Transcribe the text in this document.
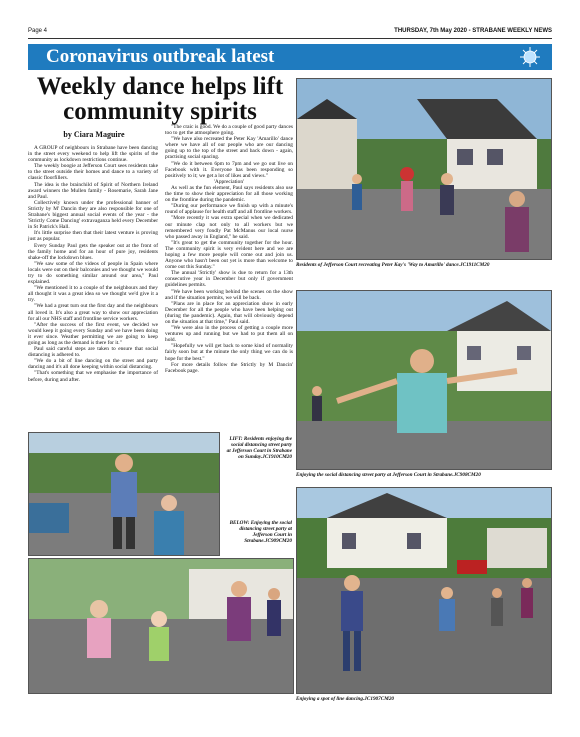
Page 4	THURSDAY, 7th May 2020 - STRABANE WEEKLY NEWS
Coronavirus outbreak latest
Weekly dance helps lift community spirits
by Ciara Maguire

A GROUP of neighbours in Strabane have been dancing in the street every weekend to help lift the spirits of the community as lockdown restrictions continue.

The weekly boogie at Jefferson Court sees residents take to the street outside their homes and dance to a variety of classic floorfillers.

The idea is the brainchild of Spirit of Northern Ireland award winners the Mullen family - Rosemarie, Sarah Jane and Paul.

Collectively known under the professional banner of Strictly by M' Dancin they are also responsible for one of Strabane's biggest annual social events of the year - the 'Strictly Come Dancing' extravaganza held every December in St Patrick's Hall.

It's little surprise then that their latest venture is proving just as popular.

Every Sunday Paul gets the speaker out at the front of the family home and for an hour of pure joy, residents shake-off the lockdown blues.

"We saw some of the videos of people in Spain where locals were out on their balconies and we thought we would try to do something similar around our area," Paul explained.

"We mentioned it to a couple of the neighbours and they all thought it was a great idea so we thought we'd give it a try.

"We had a great turn out the first day and the neighbours all loved it. It's also a great way to show our appreciation for all our NHS staff and frontline service workers.

"After the success of the first event, we decided we would keep it going every Sunday and we have been doing it ever since. Weather permitting we are going to keep going as long as the demand is there for it."

Paul said careful steps are taken to ensure that social distancing is adhered to.

"We do a bit of line dancing on the street and party dancing and it's all done keeping within social distancing.

"That's something that we emphasise the importance of before, during and after.

"The craic is good. We do a couple of good party dances too to get the atmosphere going.

"We have also recreated the Peter Kay 'Amarillo' dance where we have all of our people who are our dancing going up to the top of the street and back down - again, practising social spacing.

"We do it between 6pm to 7pm and we go out live on Facebook with it. Everyone has been responding so positively to it; we get a lot of likes and views."

'Appreciation'

As well as the fun element, Paul says residents also use the time to show their appreciation for all those working on the frontline during the pandemic.

"During our performance we finish up with a minute's round of applause for health staff and all frontline workers.

"More recently it was extra special when we dedicated our minute clap not only to all workers but we remembered very fondly Pat McManus our local nurse who passed away in England," he said.

"It's great to get the community together for the hour. The community spirit is very evident here and we are hoping a few more people will come out and join us. Anyone who hasn't been out yet is more than welcome to come out this Sunday."

The annual 'Strictly' show is due to return for a 13th consecutive year in December but only if government guidelines permits.

"We have been working behind the scenes on the show and if the situation permits, we will be back.

"Plans are in place for an appreciation show in early December for all the people who have been helping out (during the pandemic). Again, that will obviously depend on the situation at that time," Paul said.

"We were also in the process of getting a couple more ventures up and running but we had to put them all on hold.

"Hopefully we will get back to some kind of normality fairly soon but at the minute the only thing we can do is hope for the best."

For more details follow the Strictly by M Dancin' Facebook page.

Residents of Jefferson Court recreating Peter Kay's 'Way to Amarillo' dance.JC1911CM20
Enjoying the social distancing street party at Jefferson Court in Strabane.JC908CM20
Enjoying a spot of line dancing.JC1907CM20
LIFT: Residents enjoying the social distancing street party at Jefferson Court in Strabane on Sunday.JC1910CM20
BELOW: Enjoying the social distancing street party at Jefferson Court in Strabane.JC909CM20
